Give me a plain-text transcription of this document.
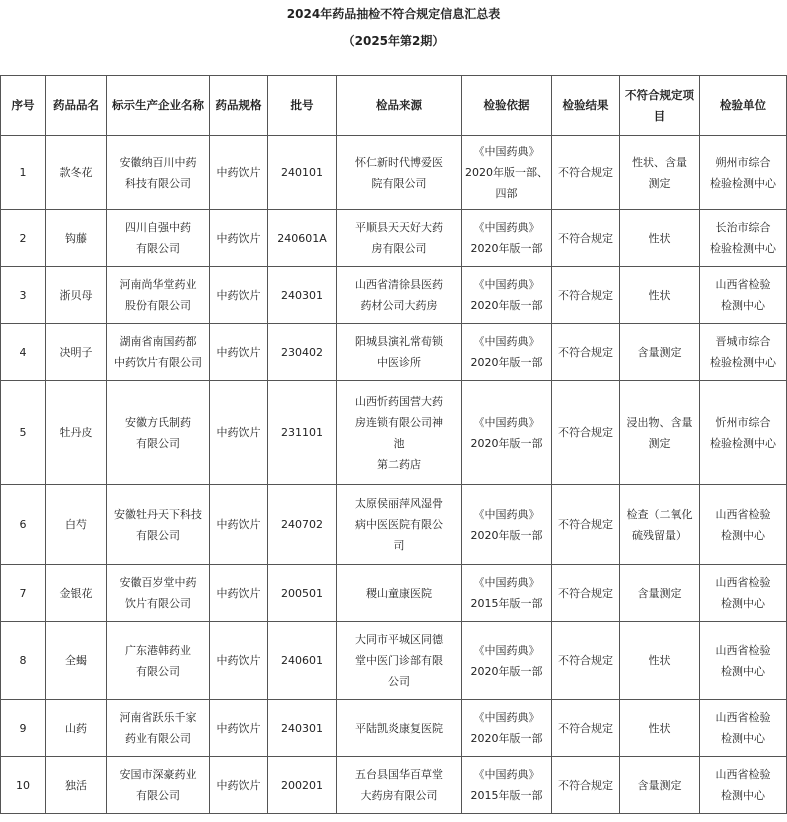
2024年药品抽检不符合规定信息汇总表
（2025年第2期）
序号	药品品名	标示生产企业名称	药品规格	批号	检品来源	检验依据	检验结果	不符合规定项目	检验单位
1	款冬花	安徽纳百川中药
科技有限公司	中药饮片	240101	怀仁新时代博爱医
院有限公司	《中国药典》
2020年版一部、
四部	不符合规定	性状、含量
测定	朔州市综合
检验检测中心

2	钩藤	四川自强中药
有限公司	中药饮片	240601A	平顺县天天好大药
房有限公司	《中国药典》
2020年版一部	不符合规定	性状	长治市综合
检验检测中心

3	浙贝母	河南尚华堂药业
股份有限公司	中药饮片	240301	山西省清徐县医药
药材公司大药房	《中国药典》
2020年版一部	不符合规定	性状	山西省检验
检测中心

4	决明子	湖南省南国药都
中药饮片有限公司	中药饮片	230402	阳城县演礼常荀锁
中医诊所	《中国药典》
2020年版一部	不符合规定	含量测定	晋城市综合
检验检测中心

5	牡丹皮	安徽方氏制药
有限公司	中药饮片	231101	山西忻药国营大药
房连锁有限公司神
池
第二药店	《中国药典》
2020年版一部	不符合规定	浸出物、含量
测定	忻州市综合
检验检测中心

6	白芍	安徽牡丹天下科技
有限公司	中药饮片	240702	太原侯丽萍风湿骨
病中医医院有限公
司	《中国药典》
2020年版一部	不符合规定	检查（二氧化
硫残留量）	山西省检验
检测中心

7	金银花	安徽百岁堂中药
饮片有限公司	中药饮片	200501	稷山童康医院	《中国药典》
2015年版一部	不符合规定	含量测定	山西省检验
检测中心

8	全蝎	广东港韩药业
有限公司	中药饮片	240601	大同市平城区同德
堂中医门诊部有限
公司	《中国药典》
2020年版一部	不符合规定	性状	山西省检验
检测中心

9	山药	河南省跃乐千家
药业有限公司	中药饮片	240301	平陆凯炎康复医院	《中国药典》
2020年版一部	不符合规定	性状	山西省检验
检测中心

10	独活	安国市深豪药业
有限公司	中药饮片	200201	五台县国华百草堂
大药房有限公司	《中国药典》
2015年版一部	不符合规定	含量测定	山西省检验
检测中心
